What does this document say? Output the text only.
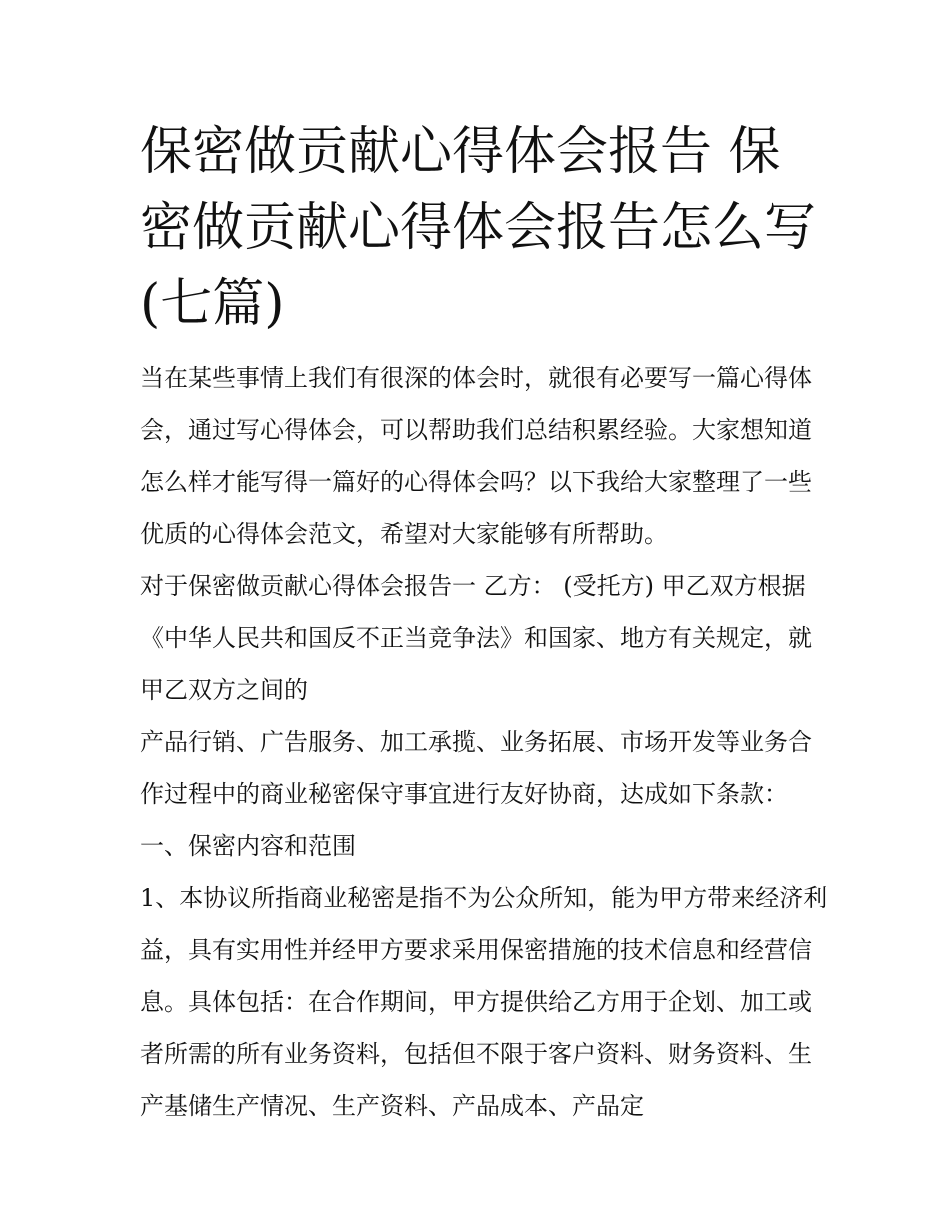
保密做贡献心得体会报告 保密做贡献心得体会报告怎么写(七篇)

当在某些事情上我们有很深的体会时，就很有必要写一篇心得体会，通过写心得体会，可以帮助我们总结积累经验。大家想知道怎么样才能写得一篇好的心得体会吗？以下我给大家整理了一些优质的心得体会范文，希望对大家能够有所帮助。

对于保密做贡献心得体会报告一 乙方： (受托方) 甲乙双方根据《中华人民共和国反不正当竞争法》和国家、地方有关规定，就甲乙双方之间的

产品行销、广告服务、加工承揽、业务拓展、市场开发等业务合作过程中的商业秘密保守事宜进行友好协商，达成如下条款： 一、保密内容和范围

1、本协议所指商业秘密是指不为公众所知，能为甲方带来经济利益，具有实用性并经甲方要求采用保密措施的技术信息和经营信息。具体包括：在合作期间，甲方提供给乙方用于企划、加工或者所需的所有业务资料，包括但不限于客户资料、财务资料、生产基储生产情况、生产资料、产品成本、产品定
